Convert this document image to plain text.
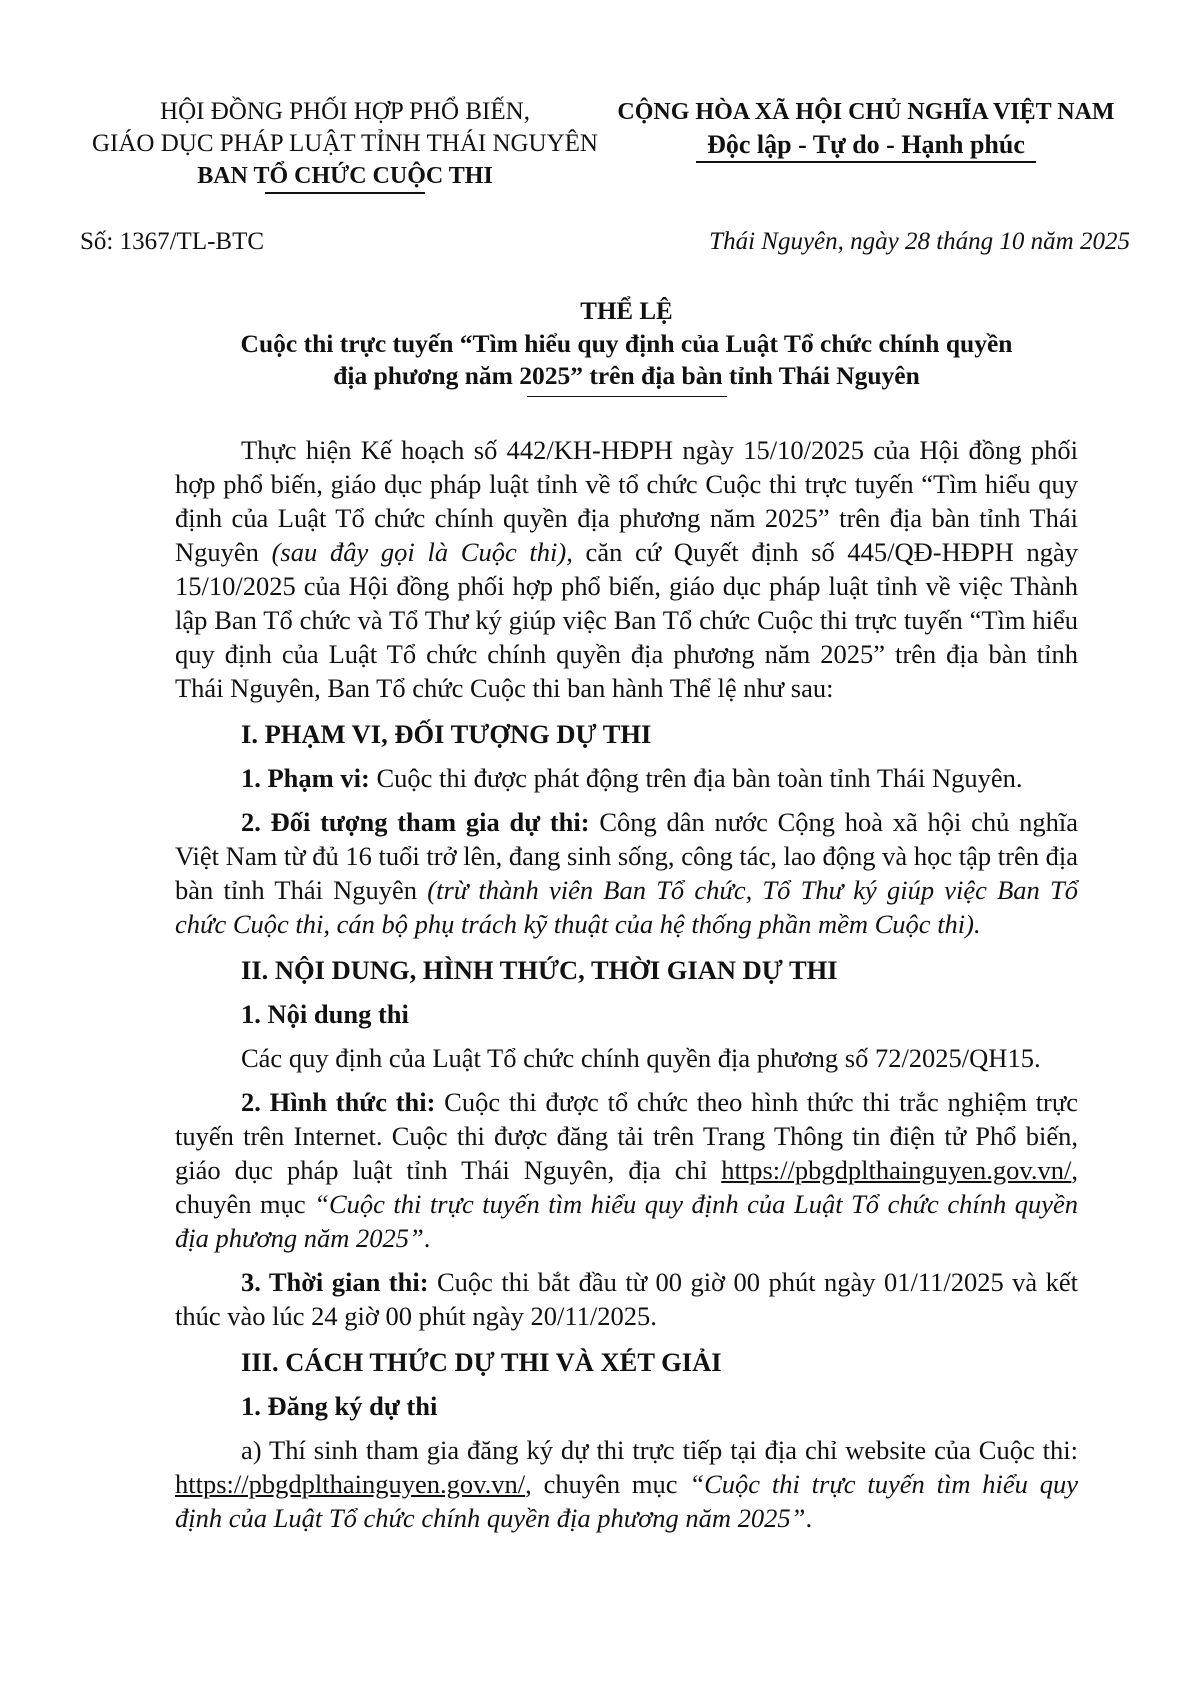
HỘI ĐỒNG PHỐI HỢP PHỔ BIẾN,
GIÁO DỤC PHÁP LUẬT TỈNH THÁI NGUYÊN
BAN TỔ CHỨC CUỘC THI
CỘNG HÒA XÃ HỘI CHỦ NGHĨA VIỆT NAM
Độc lập - Tự do - Hạnh phúc
Số: 1367/TL-BTC	Thái Nguyên, ngày 28 tháng 10 năm 2025
THỂ LỆ
Cuộc thi trực tuyến “Tìm hiểu quy định của Luật Tổ chức chính quyền
địa phương năm 2025” trên địa bàn tỉnh Thái Nguyên

Thực hiện Kế hoạch số 442/KH-HĐPH ngày 15/10/2025 của Hội đồng phối hợp phổ biến, giáo dục pháp luật tỉnh về tổ chức Cuộc thi trực tuyến “Tìm hiểu quy định của Luật Tổ chức chính quyền địa phương năm 2025” trên địa bàn tỉnh Thái Nguyên (sau đây gọi là Cuộc thi), căn cứ Quyết định số 445/QĐ-HĐPH ngày 15/10/2025 của Hội đồng phối hợp phổ biến, giáo dục pháp luật tỉnh về việc Thành lập Ban Tổ chức và Tổ Thư ký giúp việc Ban Tổ chức Cuộc thi trực tuyến “Tìm hiểu quy định của Luật Tổ chức chính quyền địa phương năm 2025” trên địa bàn tỉnh Thái Nguyên, Ban Tổ chức Cuộc thi ban hành Thể lệ như sau:

I. PHẠM VI, ĐỐI TƯỢNG DỰ THI

1. Phạm vi: Cuộc thi được phát động trên địa bàn toàn tỉnh Thái Nguyên.

2. Đối tượng tham gia dự thi: Công dân nước Cộng hoà xã hội chủ nghĩa Việt Nam từ đủ 16 tuổi trở lên, đang sinh sống, công tác, lao động và học tập trên địa bàn tỉnh Thái Nguyên (trừ thành viên Ban Tổ chức, Tổ Thư ký giúp việc Ban Tổ chức Cuộc thi, cán bộ phụ trách kỹ thuật của hệ thống phần mềm Cuộc thi).

II. NỘI DUNG, HÌNH THỨC, THỜI GIAN DỰ THI

1. Nội dung thi

Các quy định của Luật Tổ chức chính quyền địa phương số 72/2025/QH15.

2. Hình thức thi: Cuộc thi được tổ chức theo hình thức thi trắc nghiệm trực tuyến trên Internet. Cuộc thi được đăng tải trên Trang Thông tin điện tử Phổ biến, giáo dục pháp luật tỉnh Thái Nguyên, địa chỉ https://pbgdplthainguyen.gov.vn/, chuyên mục “Cuộc thi trực tuyến tìm hiểu quy định của Luật Tổ chức chính quyền địa phương năm 2025”.

3. Thời gian thi: Cuộc thi bắt đầu từ 00 giờ 00 phút ngày 01/11/2025 và kết thúc vào lúc 24 giờ 00 phút ngày 20/11/2025.

III. CÁCH THỨC DỰ THI VÀ XÉT GIẢI

1. Đăng ký dự thi

a) Thí sinh tham gia đăng ký dự thi trực tiếp tại địa chỉ website của Cuộc thi: https://pbgdplthainguyen.gov.vn/, chuyên mục “Cuộc thi trực tuyến tìm hiểu quy định của Luật Tổ chức chính quyền địa phương năm 2025”.
